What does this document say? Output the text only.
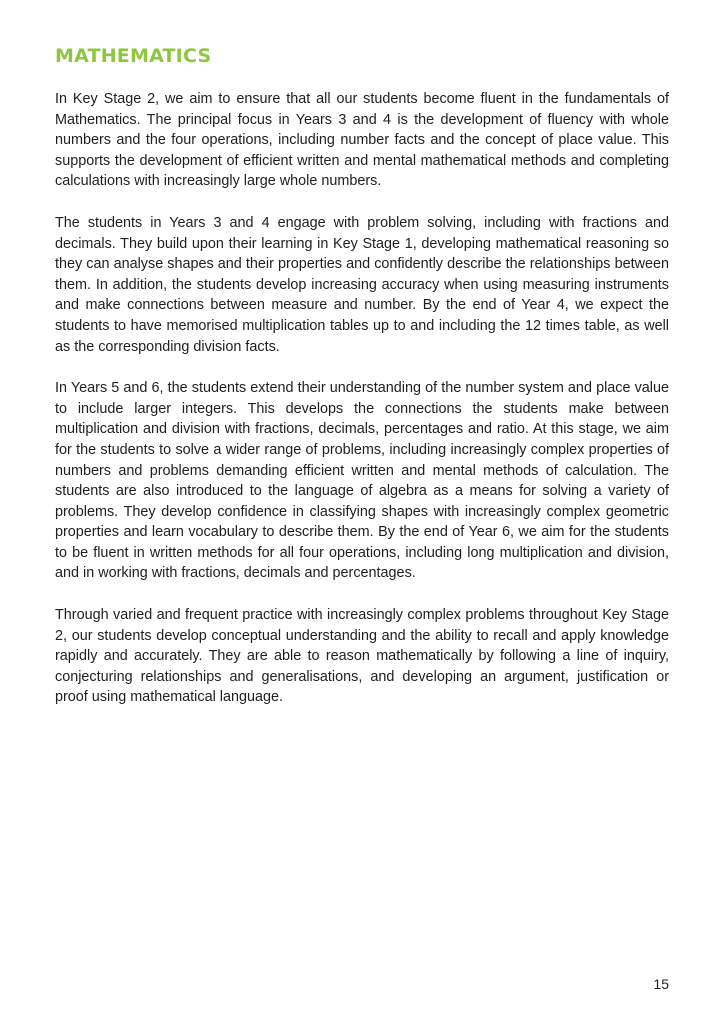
MATHEMATICS

In Key Stage 2, we aim to ensure that all our students become fluent in the fundamentals of Mathematics. The principal focus in Years 3 and 4 is the development of fluency with whole numbers and the four operations, including number facts and the concept of place value. This supports the development of efficient written and mental mathematical methods and completing calculations with increasingly large whole numbers.

The students in Years 3 and 4 engage with problem solving, including with fractions and decimals. They build upon their learning in Key Stage 1, developing mathematical reasoning so they can analyse shapes and their properties and confidently describe the relationships between them. In addition, the students develop increasing accuracy when using measuring instruments and make connections between measure and number. By the end of Year 4, we expect the students to have memorised multiplication tables up to and including the 12 times table, as well as the corresponding division facts.

In Years 5 and 6, the students extend their understanding of the number system and place value to include larger integers. This develops the connections the students make between multiplication and division with fractions, decimals, percentages and ratio. At this stage, we aim for the students to solve a wider range of problems, including increasingly complex properties of numbers and problems demanding efficient written and mental methods of calculation. The students are also introduced to the language of algebra as a means for solving a variety of problems. They develop confidence in classifying shapes with increasingly complex geometric properties and learn vocabulary to describe them. By the end of Year 6, we aim for the students to be fluent in written methods for all four operations, including long multiplication and division, and in working with fractions, decimals and percentages.

Through varied and frequent practice with increasingly complex problems throughout Key Stage 2, our students develop conceptual understanding and the ability to recall and apply knowledge rapidly and accurately. They are able to reason mathematically by following a line of inquiry, conjecturing relationships and generalisations, and developing an argument, justification or proof using mathematical language.

15
